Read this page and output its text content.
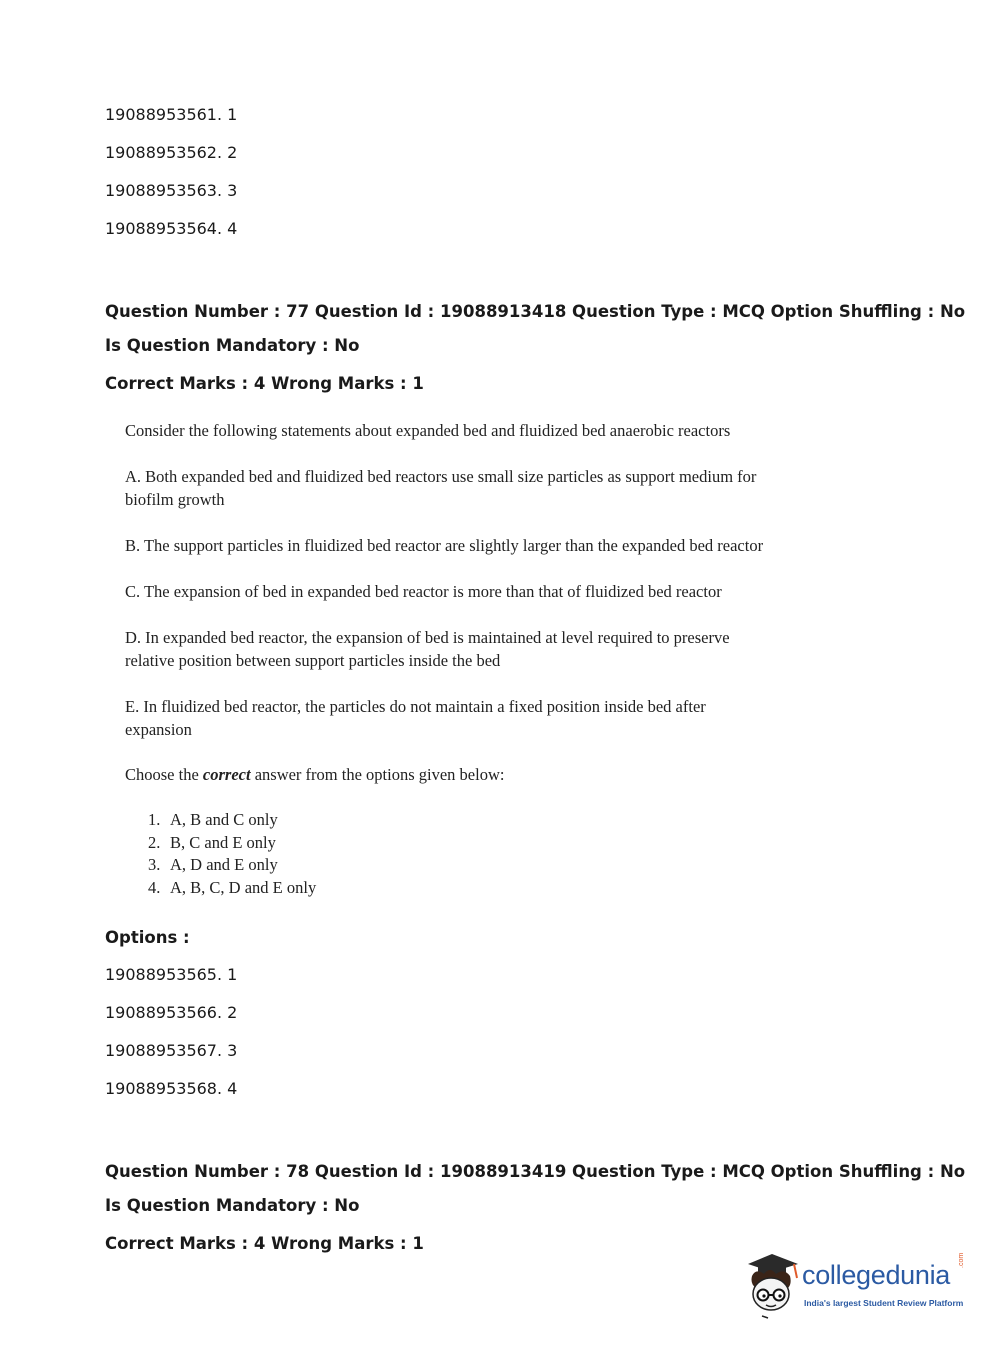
19088953561. 1
19088953562. 2
19088953563. 3
19088953564. 4
Question Number : 77 Question Id : 19088913418 Question Type : MCQ Option Shuffling : No
Is Question Mandatory : No
Correct Marks : 4 Wrong Marks : 1
Consider the following statements about expanded bed and fluidized bed anaerobic reactors
A. Both expanded bed and fluidized bed reactors use small size particles as support medium for
biofilm growth
B. The support particles in fluidized bed reactor are slightly larger than the expanded bed reactor
C. The expansion of bed in expanded bed reactor is more than that of fluidized bed reactor
D. In expanded bed reactor, the expansion of bed is maintained at level required to preserve
relative position between support particles inside the bed
E. In fluidized bed reactor, the particles do not maintain a fixed position inside bed after
expansion
Choose the correct answer from the options given below:
1. A, B and C only
2. B, C and E only
3. A, D and E only
4. A, B, C, D and E only
Options :
19088953565. 1
19088953566. 2
19088953567. 3
19088953568. 4
Question Number : 78 Question Id : 19088913419 Question Type : MCQ Option Shuffling : No
Is Question Mandatory : No
Correct Marks : 4 Wrong Marks : 1
collegedunia .com
India's largest Student Review Platform
